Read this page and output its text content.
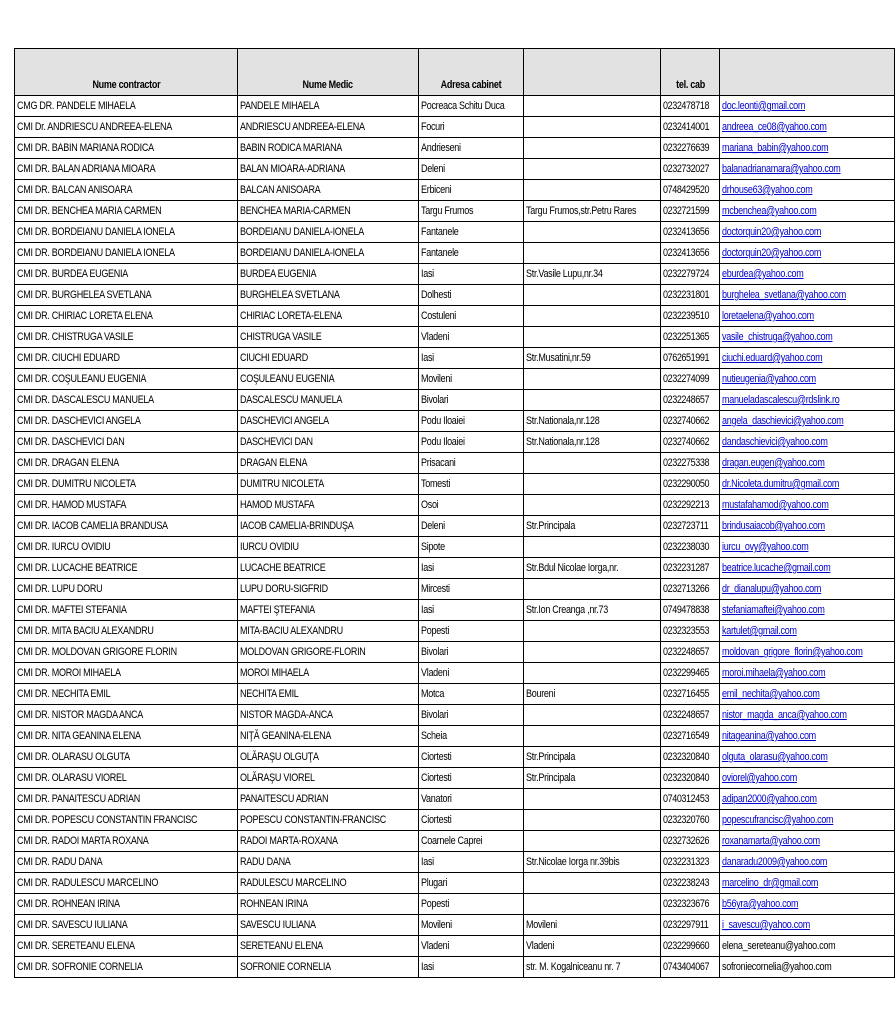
Nume contractor	Nume Medic	Adresa cabinet		tel. cab	
CMG DR. PANDELE MIHAELA	PANDELE MIHAELA	Pocreaca Schitu Duca		0232478718	doc.leonti@gmail.com
CMI Dr. ANDRIESCU ANDREEA-ELENA	ANDRIESCU ANDREEA-ELENA	Focuri		0232414001	andreea_ce08@yahoo.com
CMI DR. BABIN MARIANA RODICA	BABIN RODICA MARIANA	Andrieseni		0232276639	mariana_babin@yahoo.com
CMI DR. BALAN ADRIANA MIOARA	BALAN MIOARA-ADRIANA	Deleni		0232732027	balanadrianamara@yahoo.com
CMI DR. BALCAN ANISOARA	BALCAN ANISOARA	Erbiceni		0748429520	drhouse63@yahoo.com
CMI DR. BENCHEA MARIA CARMEN	BENCHEA MARIA-CARMEN	Targu Frumos	Targu Frumos,str.Petru Rares	0232721599	mcbenchea@yahoo.com
CMI DR. BORDEIANU DANIELA IONELA	BORDEIANU DANIELA-IONELA	Fantanele		0232413656	doctorquin20@yahoo.com
CMI DR. BORDEIANU DANIELA IONELA	BORDEIANU DANIELA-IONELA	Fantanele		0232413656	doctorquin20@yahoo.com
CMI DR. BURDEA EUGENIA	BURDEA EUGENIA	Iasi	Str.Vasile Lupu,nr.34	0232279724	eburdea@yahoo.com
CMI DR. BURGHELEA SVETLANA	BURGHELEA SVETLANA	Dolhesti		0232231801	burghelea_svetlana@yahoo.com
CMI DR. CHIRIAC LORETA ELENA	CHIRIAC LORETA-ELENA	Costuleni		0232239510	loretaelena@yahoo.com
CMI DR. CHISTRUGA VASILE	CHISTRUGA VASILE	Vladeni		0232251365	vasile_chistruga@yahoo.com
CMI DR. CIUCHI EDUARD	CIUCHI EDUARD	Iasi	Str.Musatini,nr.59	0762651991	ciuchi.eduard@yahoo.com
CMI DR. COŞULEANU EUGENIA	COŞULEANU EUGENIA	Movileni		0232274099	nutieugenia@yahoo.com
CMI DR. DASCALESCU MANUELA	DASCALESCU MANUELA	Bivolari		0232248657	manueladascalescu@rdslink.ro
CMI DR. DASCHEVICI ANGELA	DASCHEVICI ANGELA	Podu Iloaiei	Str.Nationala,nr.128	0232740662	angela_daschievici@yahoo.com
CMI DR. DASCHEVICI DAN	DASCHEVICI DAN	Podu Iloaiei	Str.Nationala,nr.128	0232740662	dandaschievici@yahoo.com
CMI DR. DRAGAN ELENA	DRAGAN ELENA	Prisacani		0232275338	dragan.eugen@yahoo.com
CMI DR. DUMITRU NICOLETA	DUMITRU NICOLETA	Tomesti		0232290050	dr.Nicoleta.dumitru@gmail.com
CMI DR. HAMOD MUSTAFA	HAMOD MUSTAFA	Osoi		0232292213	mustafahamod@yahoo.com
CMI DR. IACOB CAMELIA BRANDUSA	IACOB CAMELIA-BRINDUŞA	Deleni	Str.Principala	0232723711	brindusaiacob@yahoo.com
CMI DR. IURCU OVIDIU	IURCU OVIDIU	Sipote		0232238030	iurcu_ovy@yahoo.com
CMI DR. LUCACHE BEATRICE	LUCACHE BEATRICE	Iasi	Str.Bdul Nicolae Iorga,nr.	0232231287	beatrice.lucache@gmail.com
CMI DR. LUPU DORU	LUPU DORU-SIGFRID	Mircesti		0232713266	dr_dianalupu@yahoo.com
CMI DR. MAFTEI STEFANIA	MAFTEI ŞTEFANIA	Iasi	Str.Ion Creanga ,nr.73	0749478838	stefaniamaftei@yahoo.com
CMI DR. MITA BACIU ALEXANDRU	MITA-BACIU ALEXANDRU	Popesti		0232323553	kartulet@gmail.com
CMI DR. MOLDOVAN GRIGORE FLORIN	MOLDOVAN GRIGORE-FLORIN	Bivolari		0232248657	moldovan_grigore_florin@yahoo.com
CMI DR. MOROI MIHAELA	MOROI MIHAELA	Vladeni		0232299465	moroi.mihaela@yahoo.com
CMI DR. NECHITA EMIL	NECHITA EMIL	Motca	Boureni	0232716455	emil_nechita@yahoo.com
CMI DR. NISTOR MAGDA ANCA	NISTOR MAGDA-ANCA	Bivolari		0232248657	nistor_magda_anca@yahoo.com
CMI DR. NITA GEANINA ELENA	NIŢĂ GEANINA-ELENA	Scheia		0232716549	nitageanina@yahoo.com
CMI DR. OLARASU OLGUTA	OLĂRAŞU OLGUŢA	Ciortesti	Str.Principala	0232320840	olguta_olarasu@yahoo.com
CMI DR. OLARASU VIOREL	OLĂRAŞU VIOREL	Ciortesti	Str.Principala	0232320840	oviorel@yahoo.com
CMI DR. PANAITESCU ADRIAN	PANAITESCU ADRIAN	Vanatori		0740312453	adipan2000@yahoo.com
CMI DR. POPESCU CONSTANTIN FRANCISC	POPESCU CONSTANTIN-FRANCISC	Ciortesti		0232320760	popescufrancisc@yahoo.com
CMI DR. RADOI MARTA ROXANA	RADOI MARTA-ROXANA	Coarnele Caprei		0232732626	roxanamarta@yahoo.com
CMI DR. RADU DANA	RADU DANA	Iasi	Str.Nicolae Iorga nr.39bis	0232231323	danaradu2009@yahoo.com
CMI DR. RADULESCU MARCELINO	RADULESCU MARCELINO	Plugari		0232238243	marcelino_dr@gmail.com
CMI DR. ROHNEAN IRINA	ROHNEAN IRINA	Popesti		0232323676	b56yra@yahoo.com
CMI DR. SAVESCU IULIANA	SAVESCU IULIANA	Movileni	Movileni	0232297911	i_savescu@yahoo.com
CMI DR. SERETEANU ELENA	SERETEANU ELENA	Vladeni	Vladeni	0232299660	elena_sereteanu@yahoo.com
CMI DR. SOFRONIE CORNELIA	SOFRONIE CORNELIA	Iasi	str. M. Kogalniceanu nr. 7	0743404067	sofroniecornelia@yahoo.com
